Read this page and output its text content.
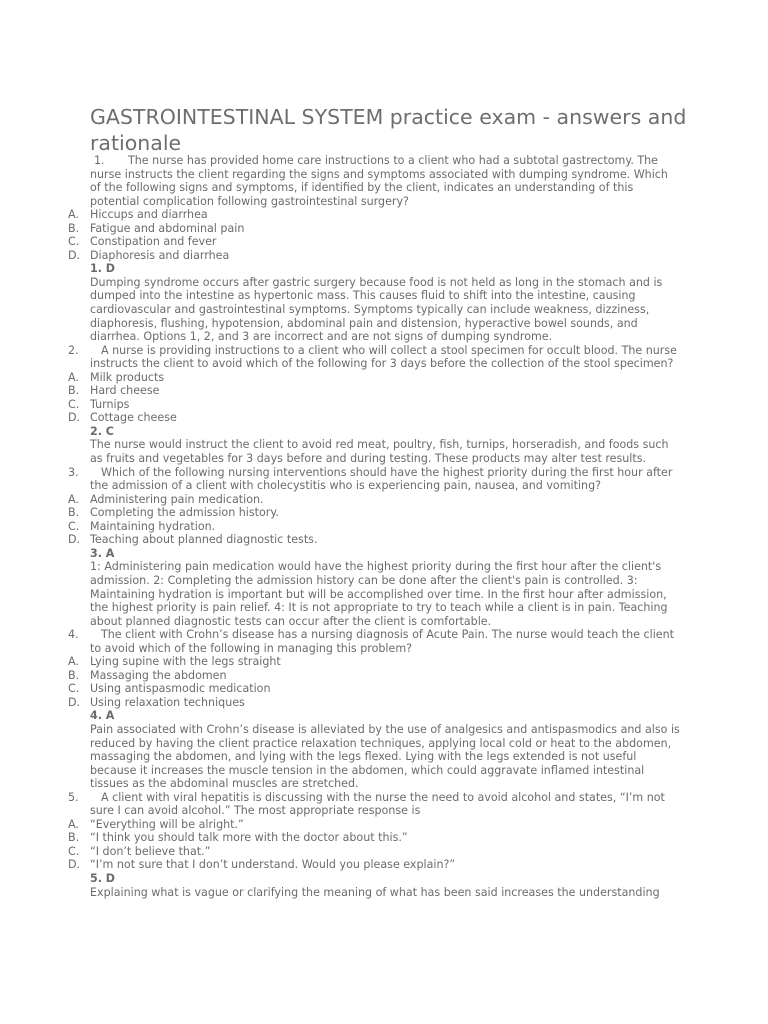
GASTROINTESTINAL SYSTEM practice exam - answers and rationale
1.	The nurse has provided home care instructions to a client who had a subtotal gastrectomy. The nurse instructs the client regarding the signs and symptoms associated with dumping syndrome. Which of the following signs and symptoms, if identified by the client, indicates an understanding of this potential complication following gastrointestinal surgery?
A. Hiccups and diarrhea
B. Fatigue and abdominal pain
C. Constipation and fever
D. Diaphoresis and diarrhea
1. D
Dumping syndrome occurs after gastric surgery because food is not held as long in the stomach and is dumped into the intestine as hypertonic mass. This causes fluid to shift into the intestine, causing cardiovascular and gastrointestinal symptoms. Symptoms typically can include weakness, dizziness, diaphoresis, flushing, hypotension, abdominal pain and distension, hyperactive bowel sounds, and diarrhea. Options 1, 2, and 3 are incorrect and are not signs of dumping syndrome.
2.	A nurse is providing instructions to a client who will collect a stool specimen for occult blood. The nurse instructs the client to avoid which of the following for 3 days before the collection of the stool specimen?
A. Milk products
B. Hard cheese
C. Turnips
D. Cottage cheese
2. C
The nurse would instruct the client to avoid red meat, poultry, fish, turnips, horseradish, and foods such as fruits and vegetables for 3 days before and during testing. These products may alter test results.
3.	Which of the following nursing interventions should have the highest priority during the first hour after the admission of a client with cholecystitis who is experiencing pain, nausea, and vomiting?
A. Administering pain medication.
B. Completing the admission history.
C. Maintaining hydration.
D. Teaching about planned diagnostic tests.
3. A
1: Administering pain medication would have the highest priority during the first hour after the client's admission. 2: Completing the admission history can be done after the client's pain is controlled. 3: Maintaining hydration is important but will be accomplished over time. In the first hour after admission, the highest priority is pain relief. 4: It is not appropriate to try to teach while a client is in pain. Teaching about planned diagnostic tests can occur after the client is comfortable.
4.	The client with Crohn’s disease has a nursing diagnosis of Acute Pain. The nurse would teach the client to avoid which of the following in managing this problem?
A. Lying supine with the legs straight
B. Massaging the abdomen
C. Using antispasmodic medication
D. Using relaxation techniques
4. A
Pain associated with Crohn’s disease is alleviated by the use of analgesics and antispasmodics and also is reduced by having the client practice relaxation techniques, applying local cold or heat to the abdomen, massaging the abdomen, and lying with the legs flexed. Lying with the legs extended is not useful because it increases the muscle tension in the abdomen, which could aggravate inflamed intestinal tissues as the abdominal muscles are stretched.
5.	A client with viral hepatitis is discussing with the nurse the need to avoid alcohol and states, “I’m not sure I can avoid alcohol.” The most appropriate response is
A. “Everything will be alright.”
B. “I think you should talk more with the doctor about this.”
C. “I don’t believe that.”
D. “I’m not sure that I don’t understand. Would you please explain?”
5. D
Explaining what is vague or clarifying the meaning of what has been said increases the understanding
